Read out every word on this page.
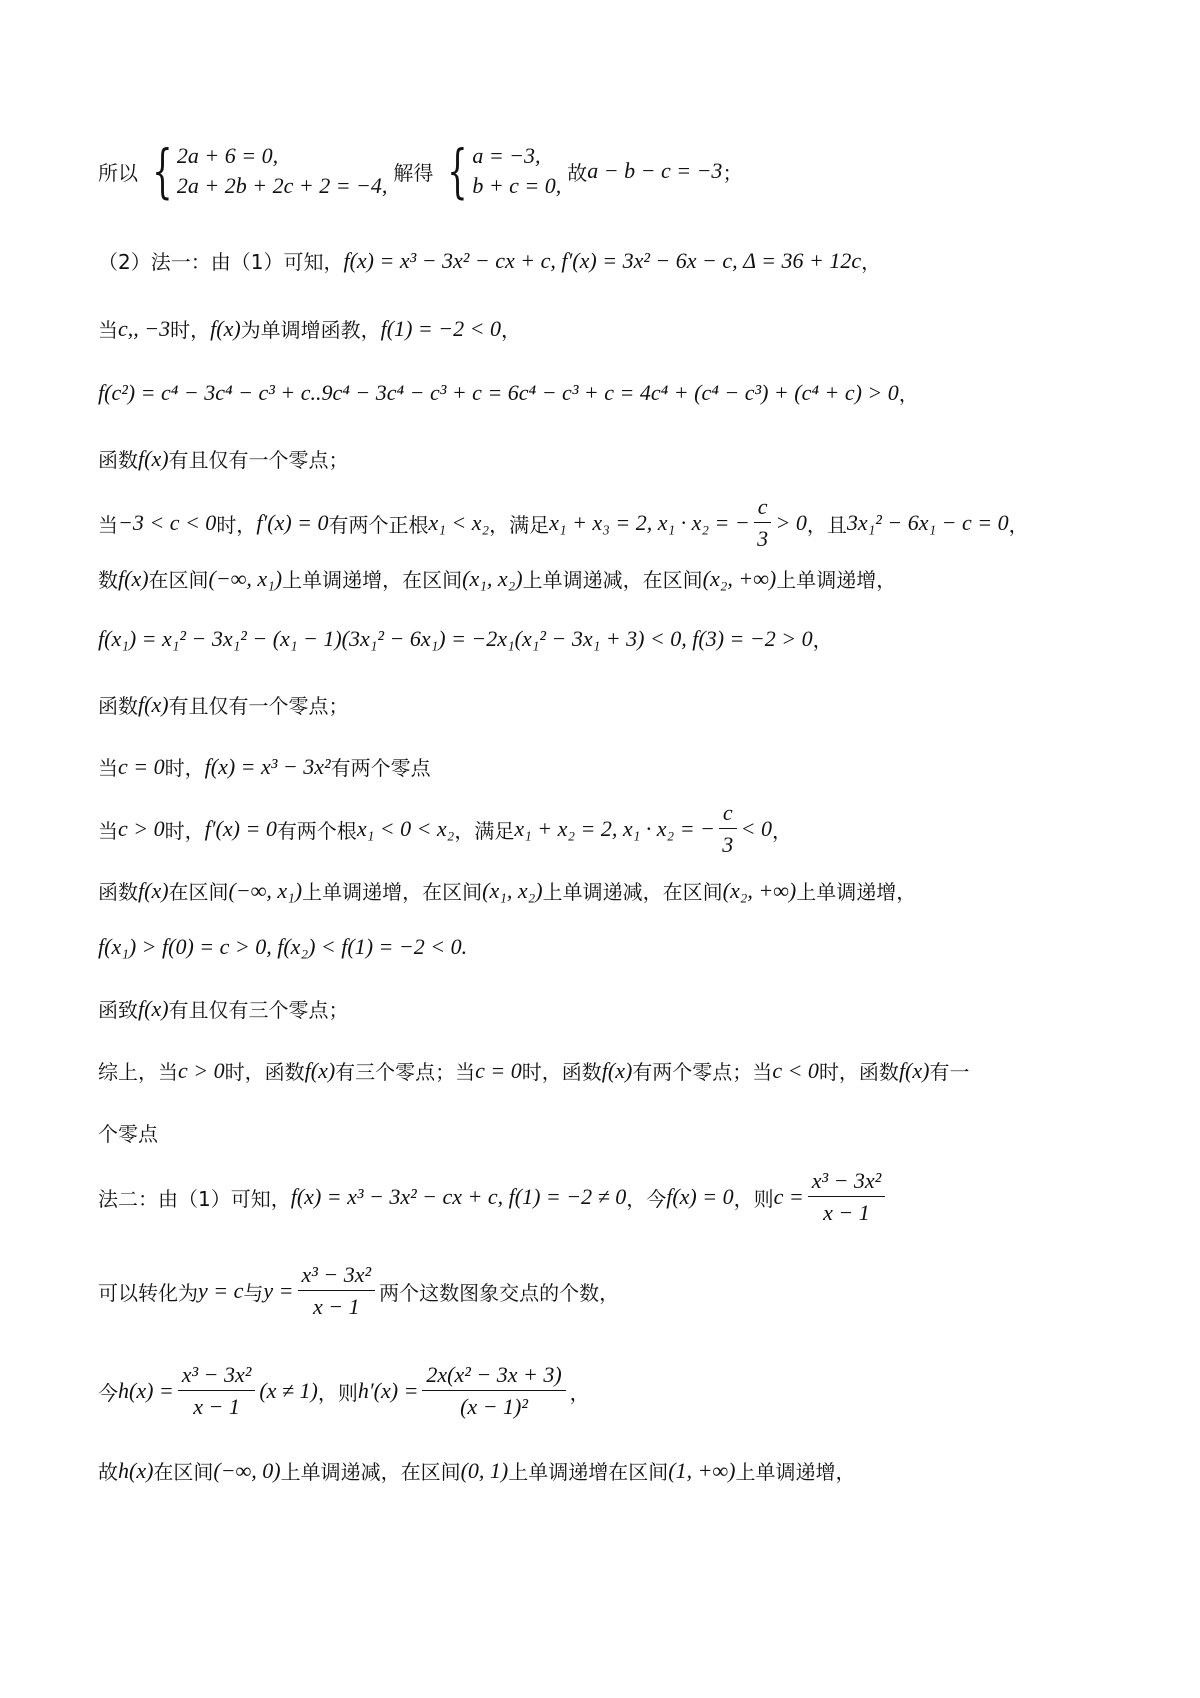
所以 { 2a + 6 = 0,
2a + 2b + 2c + 2 = −4,
解得 { a = −3,
b + c = 0,
故 a − b − c = −3 ；
（2）法一：由（1）可知， f(x) = x³ − 3x² − cx + c, f′(x) = 3x² − 6x − c, Δ = 36 + 12c ，
当 c,, −3 时， f(x) 为单调增函教， f(1) = −2 < 0 ，
f(c²) = c⁴ − 3c⁴ − c³ + c..9c⁴ − 3c⁴ − c³ + c = 6c⁴ − c³ + c = 4c⁴ + (c⁴ − c³) + (c⁴ + c) > 0 ，
函数 f(x) 有且仅有一个零点；
当 −3 < c < 0 时， f′(x) = 0 有两个正根 x₁ < x₂ ，满足 x₁ + x₃ = 2, x₁ · x₂ = − $\frac{c}{3} > 0$ ，且 3x₁² − 6x₁ − c = 0 ，
数 f(x) 在区间 (−∞, x₁) 上单调递增，在区间 (x₁, x₂) 上单调递减，在区间 (x₂, +∞) 上单调递增，
f(x₁) = x₁² − 3x₁² − (x₁ − 1)(3x₁² − 6x₁) = −2x₁(x₁² − 3x₁ + 3) < 0, f(3) = −2 > 0 ，
函数 f(x) 有且仅有一个零点；
当 c = 0 时， f(x) = x³ − 3x² 有两个零点
当 c > 0 时， f′(x) = 0 有两个根 x₁ < 0 < x₂ ，满足 x₁ + x₂ = 2, x₁ · x₂ = − $\frac{c}{3} < 0$ ，
函数 f(x) 在区间 (−∞, x₁) 上单调递增，在区间 (x₁, x₂) 上单调递减，在区间 (x₂, +∞) 上单调递增，
f(x₁) > f(0) = c > 0, f(x₂) < f(1) = −2 < 0.
函致 f(x) 有且仅有三个零点；
综上，当 c > 0 时，函数 f(x) 有三个零点；当 c = 0 时，函数 f(x) 有两个零点；当 c < 0 时，函数 f(x) 有一
个零点
法二：由（1）可知， f(x) = x³ − 3x² − cx + c, f(1) = −2 ≠ 0 ，今 f(x) = 0 ，则 $c = \frac{\text{x³ − 3x²}}{x - 1}$
可以转化为 y = c 与 $y = \frac{\text{x³ − 3x²}}{x - 1}$ 两个这数图象交点的个数，
今 $h(x) = \frac{\text{x³ − 3x²}}{x - 1} (x \ne 1)$ ，则 $h'(x) = \frac{\text{2x(x² − 3x + 3)}}{\text{(x − 1)²}}$ ，
故 h(x) 在区间 (−∞, 0) 上单调递减，在区间 (0, 1) 上单调递增在区间 (1, +∞) 上单调递增，
